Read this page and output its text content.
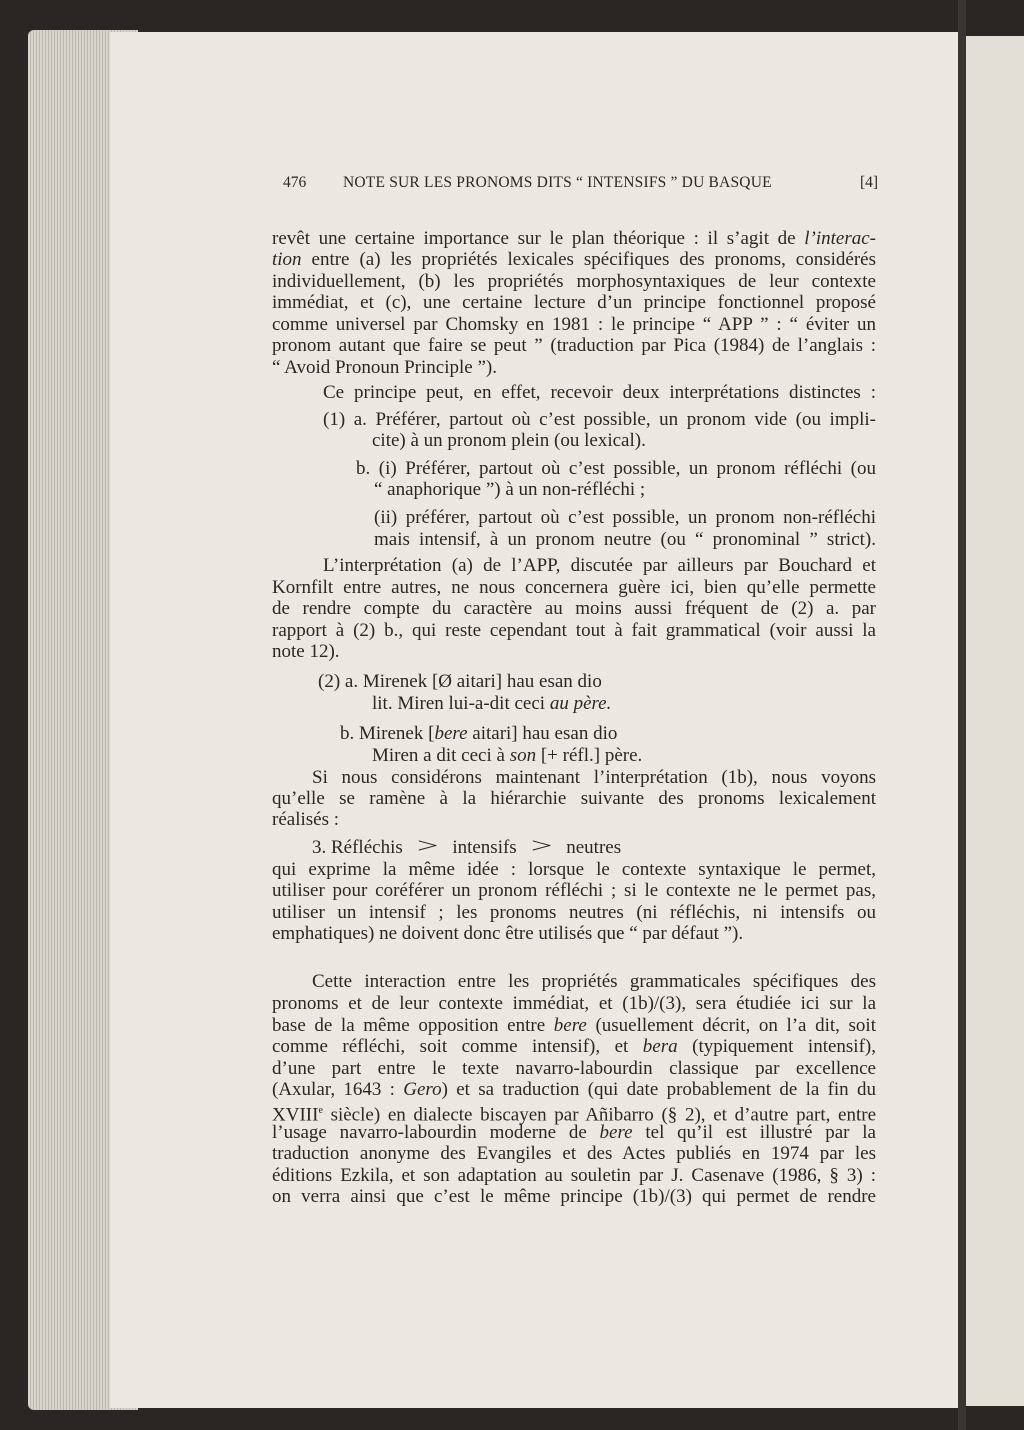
476 NOTE SUR LES PRONOMS DITS “ INTENSIFS ” DU BASQUE	[4]
revêt une certaine importance sur le plan théorique : il s’agit de l’interac-
tion entre (a) les propriétés lexicales spécifiques des pronoms, considérés
individuellement, (b) les propriétés morphosyntaxiques de leur contexte
immédiat, et (c), une certaine lecture d’un principe fonctionnel proposé
comme universel par Chomsky en 1981 : le principe “ APP ” : “ éviter un
pronom autant que faire se peut ” (traduction par Pica (1984) de l’anglais :
“ Avoid Pronoun Principle ”).
Ce principe peut, en effet, recevoir deux interprétations distinctes :
(1) a. Préférer, partout où c’est possible, un pronom vide (ou impli-
cite) à un pronom plein (ou lexical).
b. (i) Préférer, partout où c’est possible, un pronom réfléchi (ou
“ anaphorique ”) à un non-réfléchi ;
(ii) préférer, partout où c’est possible, un pronom non-réfléchi
mais intensif, à un pronom neutre (ou “ pronominal ” strict).
L’interprétation (a) de l’APP, discutée par ailleurs par Bouchard et
Kornfilt entre autres, ne nous concernera guère ici, bien qu’elle permette
de rendre compte du caractère au moins aussi fréquent de (2) a. par
rapport à (2) b., qui reste cependant tout à fait grammatical (voir aussi la
note 12).
(2) a. Mirenek [Ø aitari] hau esan dio
lit. Miren lui-a-dit ceci au père.
b. Mirenek [bere aitari] hau esan dio
Miren a dit ceci à son [+ réfl.] père.
Si nous considérons maintenant l’interprétation (1b), nous voyons
qu’elle se ramène à la hiérarchie suivante des pronoms lexicalement
réalisés :
3. Réfléchis > intensifs > neutres
qui exprime la même idée : lorsque le contexte syntaxique le permet,
utiliser pour coréférer un pronom réfléchi ; si le contexte ne le permet pas,
utiliser un intensif ; les pronoms neutres (ni réfléchis, ni intensifs ou
emphatiques) ne doivent donc être utilisés que “ par défaut ”).
Cette interaction entre les propriétés grammaticales spécifiques des
pronoms et de leur contexte immédiat, et (1b)/(3), sera étudiée ici sur la
base de la même opposition entre bere (usuellement décrit, on l’a dit, soit
comme réfléchi, soit comme intensif), et bera (typiquement intensif),
d’une part entre le texte navarro-labourdin classique par excellence
(Axular, 1643 : Gero) et sa traduction (qui date probablement de la fin du
XVIIIe siècle) en dialecte biscayen par Añibarro (§ 2), et d’autre part, entre
l’usage navarro-labourdin moderne de bere tel qu’il est illustré par la
traduction anonyme des Evangiles et des Actes publiés en 1974 par les
éditions Ezkila, et son adaptation au souletin par J. Casenave (1986, § 3) :
on verra ainsi que c’est le même principe (1b)/(3) qui permet de rendre
